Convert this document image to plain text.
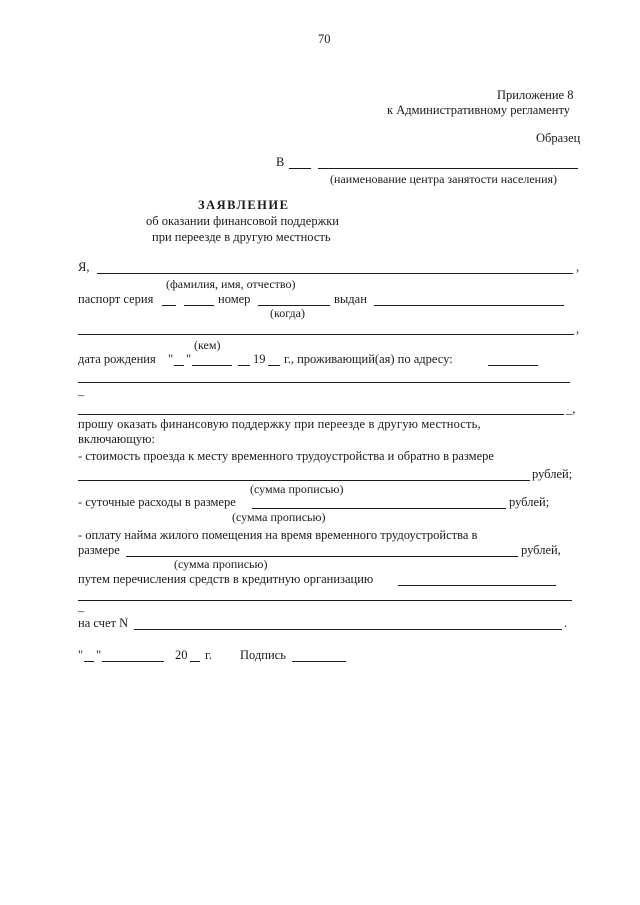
70
Приложение 8
к Административному регламенту
Образец
В
(наименование центра занятости населения)
ЗАЯВЛЕНИЕ
об оказании финансовой поддержки
при переезде в другую местность
Я,	,
(фамилия, имя, отчество)
паспорт серия	номер	выдан
(когда)
,
(кем)
дата рождения " "	19 г., проживающий(ая) по адресу:
–
_,
прошу оказать финансовую поддержку при переезде в другую местность,
включающую:
- стоимость проезда к месту временного трудоустройства и обратно в размере
рублей;
(сумма прописью)
- суточные расходы в размере	рублей;
(сумма прописью)
- оплату найма жилого помещения на время временного трудоустройства в
размере	рублей,
(сумма прописью)
путем перечисления средств в кредитную организацию
–
на счет N	.
" "	20 г. Подпись
